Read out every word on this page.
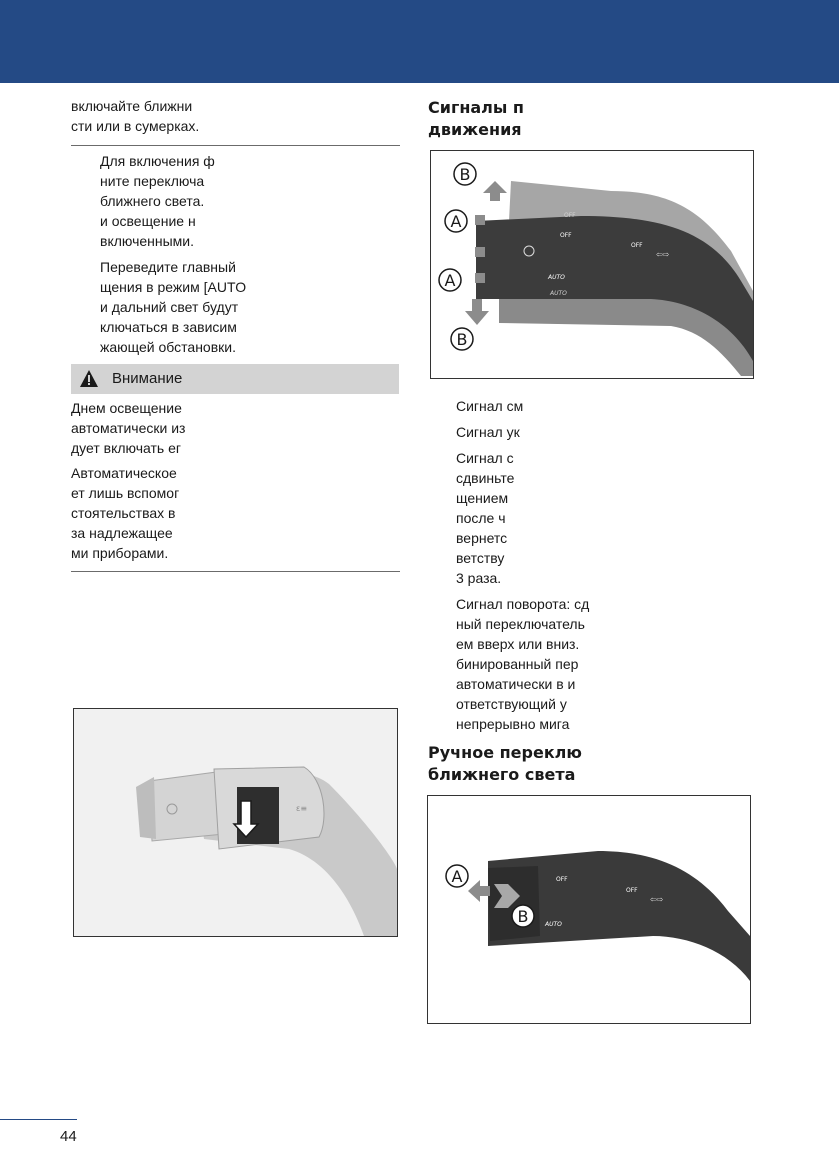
включайте ближни
сти или в сумерках.
Для включения ф
ните переключа
ближнего света.
и освещение н
включенными.
Переведите главный
щения в режим [AUTO
и дальний свет будут
ключаться в зависим
жающей обстановки.
Внимание
Днем освещение
автоматически из
дует включать ег
Автоматическое
ет лишь вспомог
стоятельствах в
за надлежащее
ми приборами.
ε≡
Сигналы п
движения
OFF
OFF
OFF
AUTO
AUTO
⇦⇨
B
A
A
B
Сигнал см
Сигнал ук
Сигнал с
сдвиньте
щением
после ч
вернетс
ветству
3 раза.
Сигнал поворота: сд
ный переключатель
ем вверх или вниз.
бинированный пер
автоматически в и
ответствующий у
непрерывно мига
Ручное переклю
ближнего света
OFF
OFF
AUTO
⇦⇨
A
B
44
